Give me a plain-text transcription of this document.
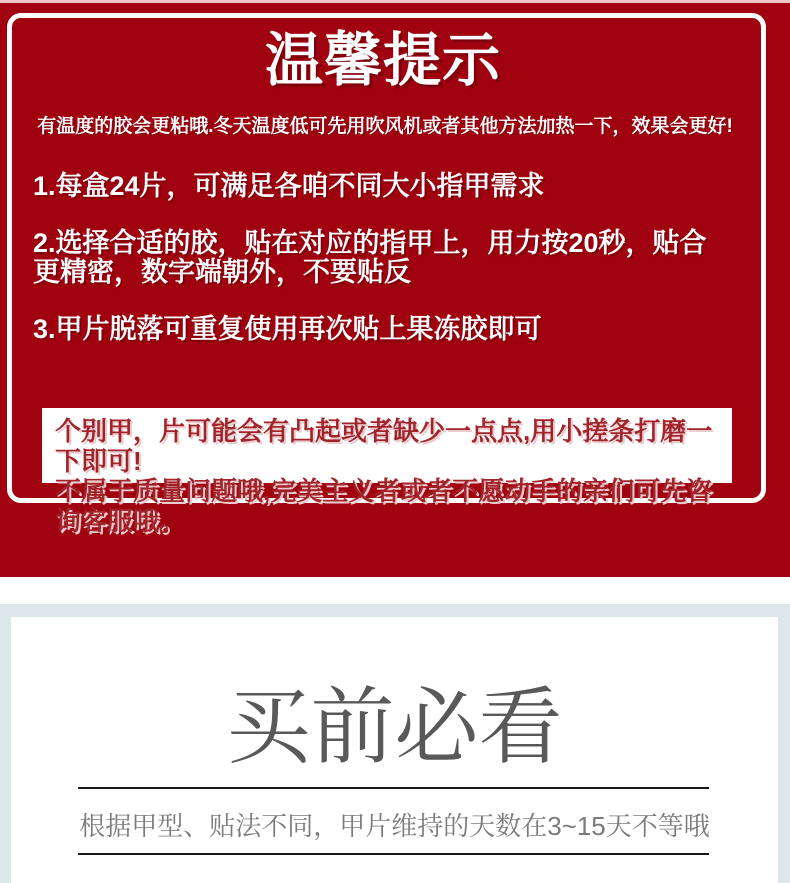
温馨提示

有温度的胶会更粘哦.冬天温度低可先用吹风机或者其他方法加热一下，效果会更好!

1.每盒24片，可满足各咱不同大小指甲需求

2.选择合适的胶，贴在对应的指甲上，用力按20秒，贴合更精密，数字端朝外，不要贴反

3.甲片脱落可重复使用再次贴上果冻胶即可

个别甲，片可能会有凸起或者缺少一点点,用小搓条打磨一下即可!

不属于质量问题哦,完美主义者或者不愿动手的亲们可先咨询客服哦。

买前必看

根据甲型、贴法不同，甲片维持的天数在3~15天不等哦
